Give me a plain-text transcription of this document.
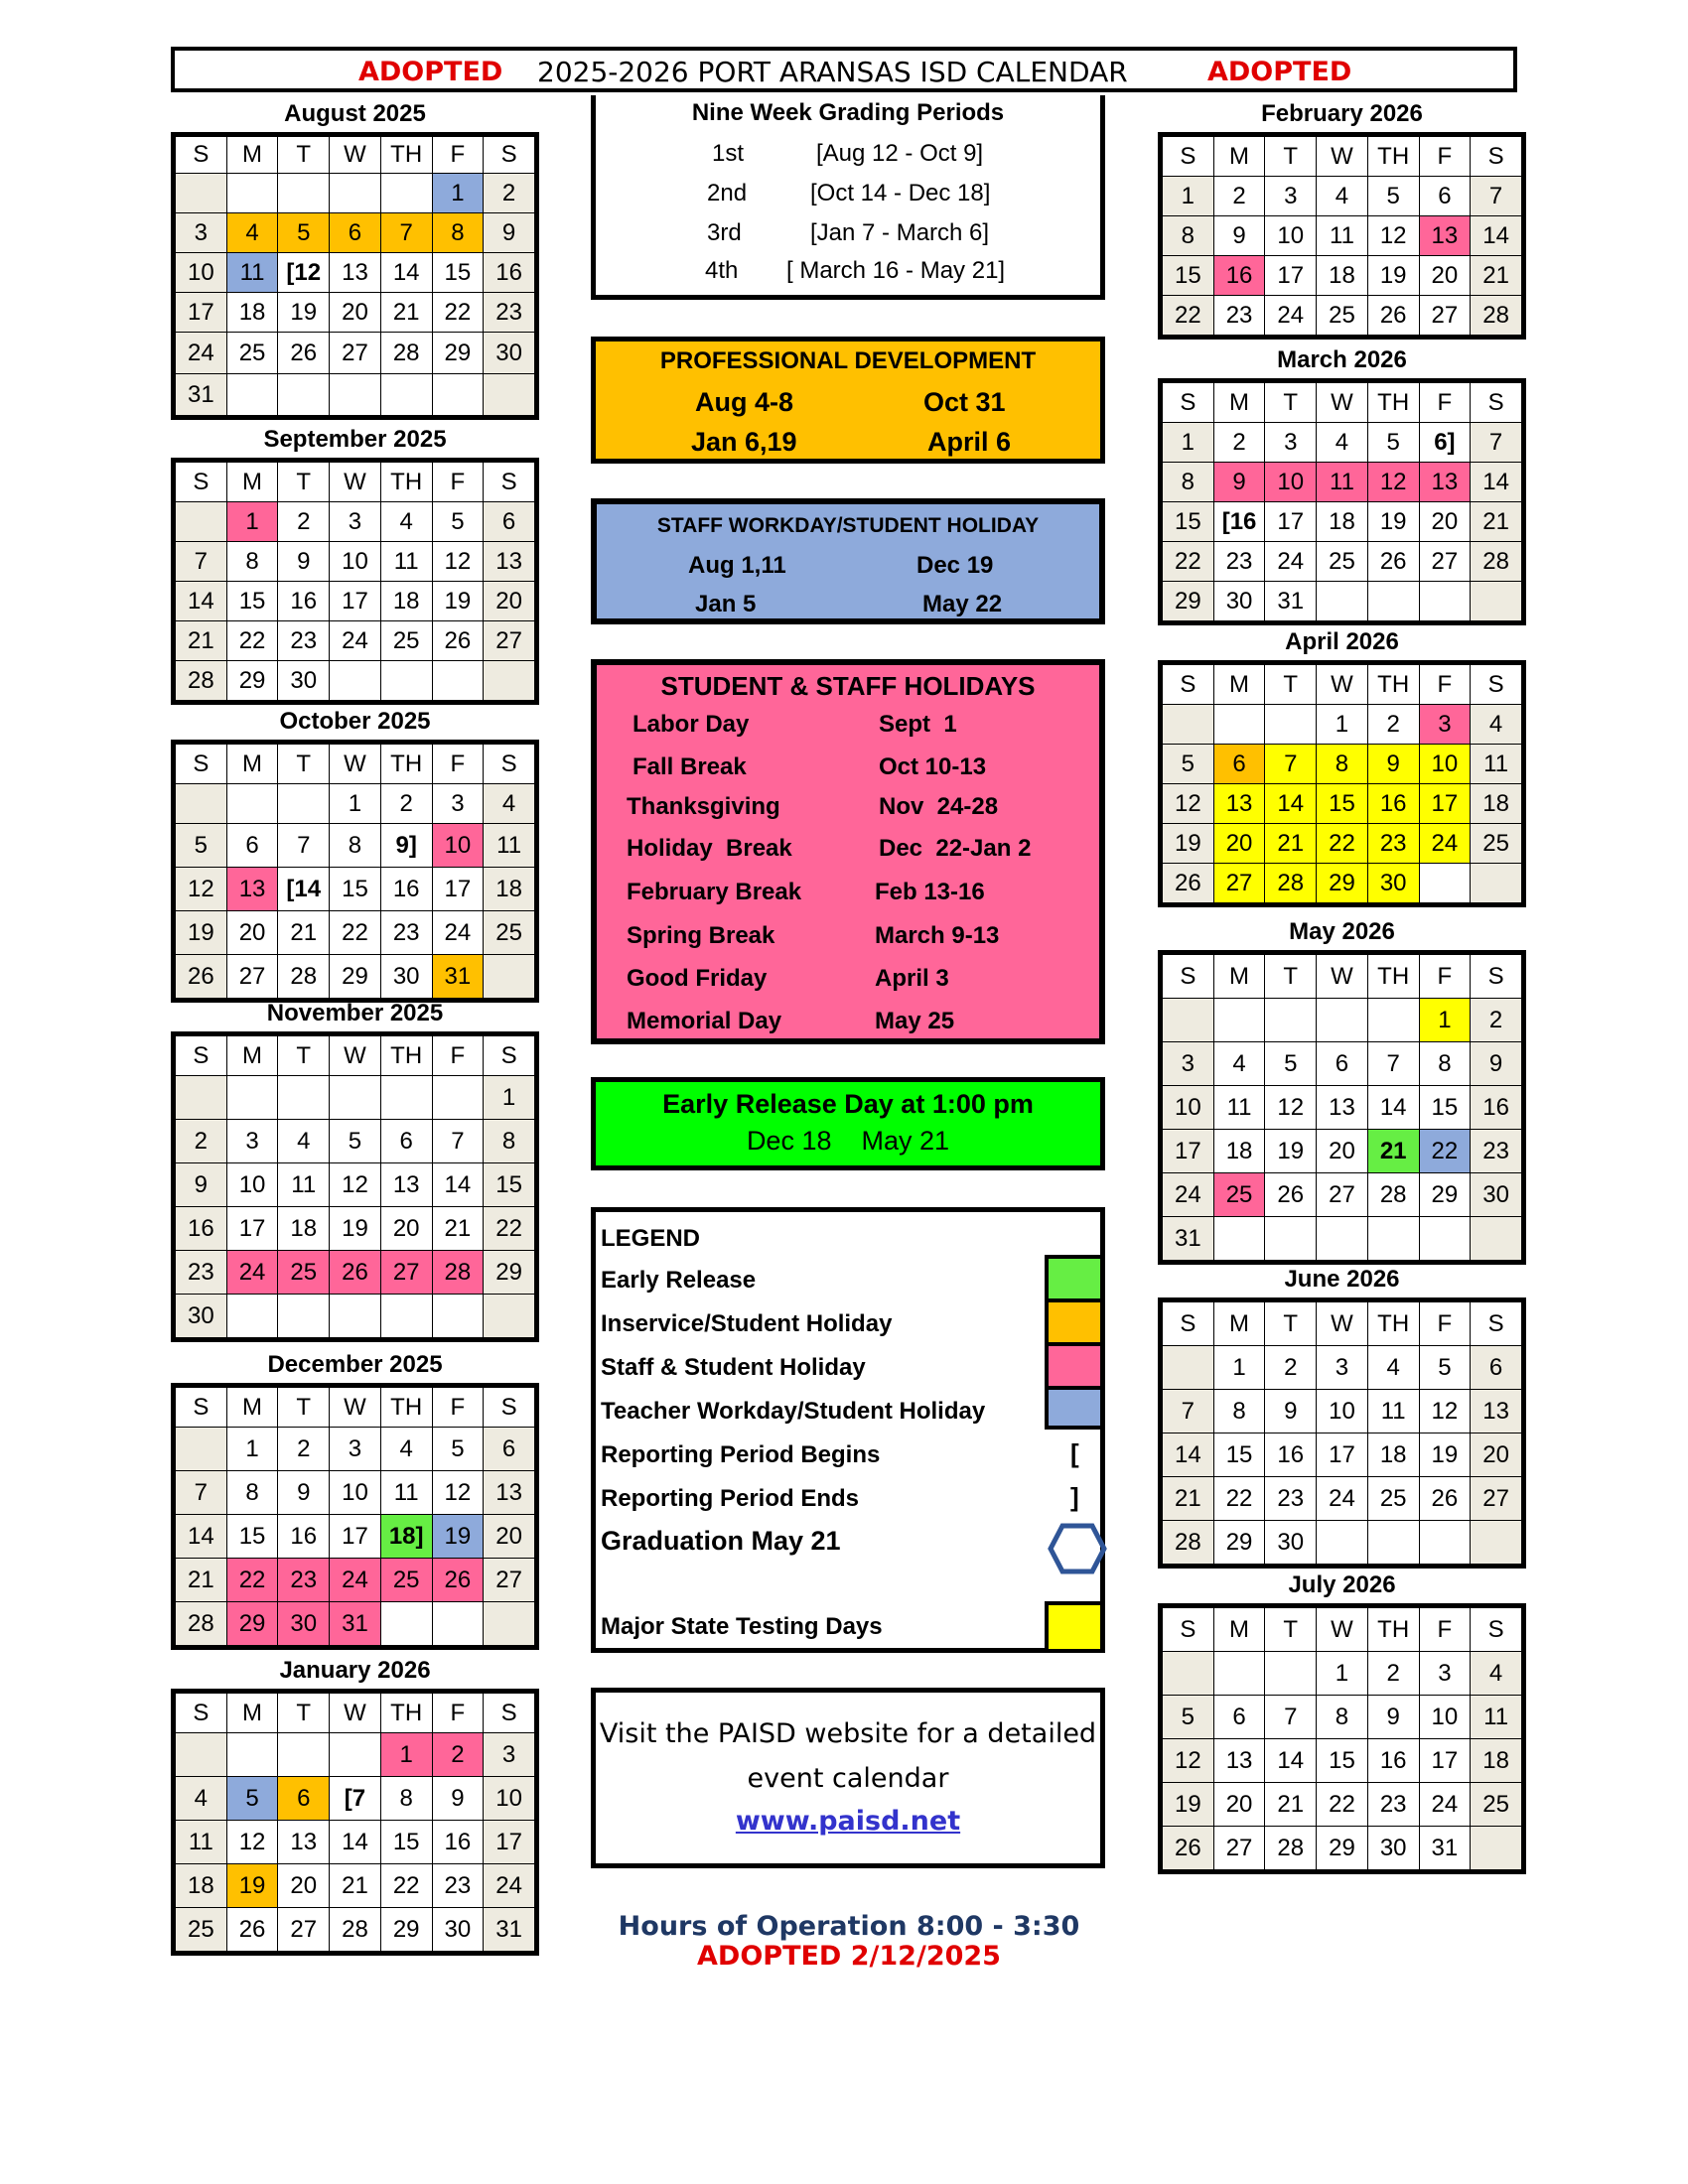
ADOPTED 2025-2026 PORT ARANSAS ISD CALENDAR	ADOPTED
August 2025
S	M	T	W	TH	F	S
					1	2
3	4	5	6	7	8	9
10	11	[12	13	14	15	16
17	18	19	20	21	22	23
24	25	26	27	28	29	30
31						
September 2025
S	M	T	W	TH	F	S
	1	2	3	4	5	6
7	8	9	10	11	12	13
14	15	16	17	18	19	20
21	22	23	24	25	26	27
28	29	30				
October 2025
S	M	T	W	TH	F	S
			1	2	3	4
5	6	7	8	9]	10	11
12	13	[14	15	16	17	18
19	20	21	22	23	24	25
26	27	28	29	30	31	
November 2025
S	M	T	W	TH	F	S
						1
2	3	4	5	6	7	8
9	10	11	12	13	14	15
16	17	18	19	20	21	22
23	24	25	26	27	28	29
30						
December 2025
S	M	T	W	TH	F	S
	1	2	3	4	5	6
7	8	9	10	11	12	13
14	15	16	17	18]	19	20
21	22	23	24	25	26	27
28	29	30	31			
January 2026
S	M	T	W	TH	F	S
				1	2	3
4	5	6	[7	8	9	10
11	12	13	14	15	16	17
18	19	20	21	22	23	24
25	26	27	28	29	30	31
February 2026
S	M	T	W	TH	F	S
1	2	3	4	5	6	7
8	9	10	11	12	13	14
15	16	17	18	19	20	21
22	23	24	25	26	27	28
March 2026
S	M	T	W	TH	F	S
1	2	3	4	5	6]	7
8	9	10	11	12	13	14
15	[16	17	18	19	20	21
22	23	24	25	26	27	28
29	30	31				
April 2026
S	M	T	W	TH	F	S
			1	2	3	4
5	6	7	8	9	10	11
12	13	14	15	16	17	18
19	20	21	22	23	24	25
26	27	28	29	30		
May 2026
S	M	T	W	TH	F	S
					1	2
3	4	5	6	7	8	9
10	11	12	13	14	15	16
17	18	19	20	21	22	23
24	25	26	27	28	29	30
31						
June 2026
S	M	T	W	TH	F	S
	1	2	3	4	5	6
7	8	9	10	11	12	13
14	15	16	17	18	19	20
21	22	23	24	25	26	27
28	29	30				
July 2026
S	M	T	W	TH	F	S
			1	2	3	4
5	6	7	8	9	10	11
12	13	14	15	16	17	18
19	20	21	22	23	24	25
26	27	28	29	30	31	
Nine Week Grading Periods
1st	[Aug 12 - Oct 9]
2nd	[Oct 14 - Dec 18]
3rd	[Jan 7 - March 6]
4th [ March 16 - May 21]
PROFESSIONAL DEVELOPMENT
Aug 4-8	Oct 31
Jan 6,19	April 6
STAFF WORKDAY/STUDENT HOLIDAY
Aug 1,11	Dec 19
Jan 5	May 22
STUDENT & STAFF HOLIDAYS
Labor Day	Sept  1
Fall Break	Oct 10-13
Thanksgiving	Nov  24-28
Holiday  Break	Dec  22-Jan 2
February Break	Feb 13-16
Spring Break	March 9-13
Good Friday	April 3
Memorial Day	May 25
Early Release Day at 1:00 pm
Dec 18    May 21
LEGEND
Early Release
Inservice/Student Holiday
Staff & Student Holiday
Teacher Workday/Student Holiday
Reporting Period Begins
Reporting Period Ends
Graduation May 21
Major State Testing Days
[
]
Visit the PAISD website for a detailed
event calendar
www.paisd.net
Hours of Operation 8:00 - 3:30
ADOPTED 2/12/2025
